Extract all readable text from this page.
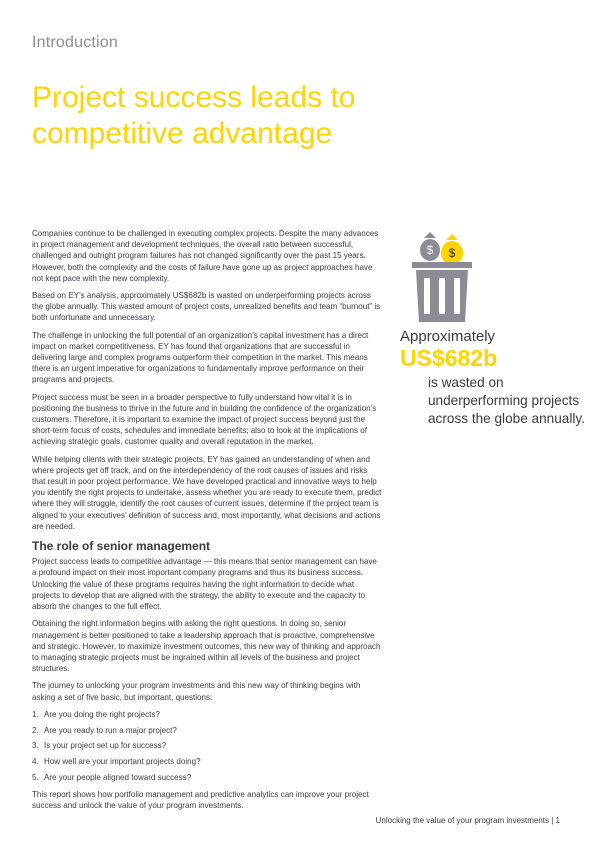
Introduction
Project success leads to competitive advantage

Companies continue to be challenged in executing complex projects. Despite the many advances in project management and development techniques, the overall ratio between successful, challenged and outright program failures has not changed significantly over the past 15 years. However, both the complexity and the costs of failure have gone up as project approaches have not kept pace with the new complexity.

Based on EY’s analysis, approximately US$682b is wasted on underperforming projects across the globe annually. This wasted amount of project costs, unrealized benefits and team “burnout” is both unfortunate and unnecessary.

The challenge in unlocking the full potential of an organization’s capital investment has a direct impact on market competitiveness. EY has found that organizations that are successful in delivering large and complex programs outperform their competition in the market. This means there is an urgent imperative for organizations to fundamentally improve performance on their programs and projects.

Project success must be seen in a broader perspective to fully understand how vital it is in positioning the business to thrive in the future and in building the confidence of the organization’s customers. Therefore, it is important to examine the impact of project success beyond just the short-term focus of costs, schedules and immediate benefits; also to look at the implications of achieving strategic goals, customer quality and overall reputation in the market.

While helping clients with their strategic projects, EY has gained an understanding of when and where projects get off track, and on the interdependency of the root causes of issues and risks that result in poor project performance. We have developed practical and innovative ways to help you identify the right projects to undertake, assess whether you are ready to execute them, predict where they will struggle, identify the root causes of current issues, determine if the project team is aligned to your executives’ definition of success and, most importantly, what decisions and actions are needed.

The role of senior management

Project success leads to competitive advantage — this means that senior management can have a profound impact on their most important company programs and thus its business success. Unlocking the value of these programs requires having the right information to decide what projects to develop that are aligned with the strategy, the ability to execute and the capacity to absorb the changes to the full effect.

Obtaining the right information begins with asking the right questions. In doing so, senior management is better positioned to take a leadership approach that is proactive, comprehensive and strategic. However, to maximize investment outcomes, this new way of thinking and approach to managing strategic projects must be ingrained within all levels of the business and project structures.

The journey to unlocking your program investments and this new way of thinking begins with asking a set of five basic, but important, questions:

1. Are you doing the right projects?
2. Are you ready to run a major project?
3. Is your project set up for success?
4. How well are your important projects doing?
5. Are your people aligned toward success?

This report shows how portfolio management and predictive analytics can improve your project success and unlock the value of your program investments.

$ $
Approximately
US$682b
is wasted on underperforming projects across the globe annually.
Unlocking the value of your program investments | 1
